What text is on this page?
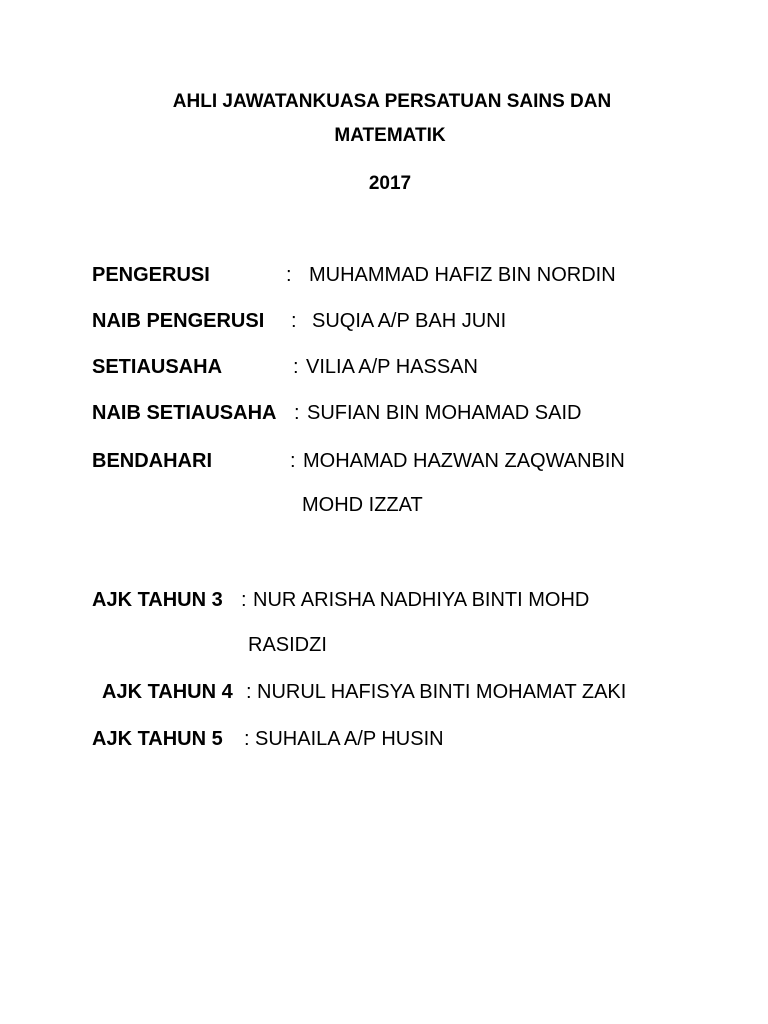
AHLI JAWATANKUASA PERSATUAN SAINS DAN
MATEMATIK
2017
PENGERUSI	: MUHAMMAD HAFIZ BIN NORDIN
NAIB PENGERUSI : SUQIA A/P BAH JUNI
SETIAUSAHA	: VILIA A/P HASSAN
NAIB SETIAUSAHA : SUFIAN BIN MOHAMAD SAID
BENDAHARI	: MOHAMAD HAZWAN ZAQWANBIN
MOHD IZZAT
AJK TAHUN 3 : NUR ARISHA NADHIYA BINTI MOHD
RASIDZI
AJK TAHUN 4 : NURUL HAFISYA BINTI MOHAMAT ZAKI
AJK TAHUN 5 : SUHAILA A/P HUSIN
